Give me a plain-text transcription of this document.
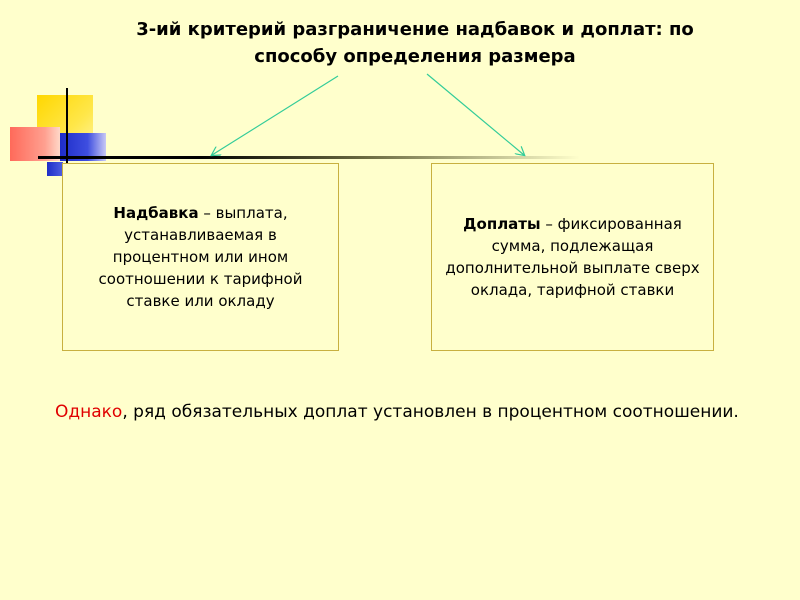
3-ий критерий разграничение надбавок и доплат: по способу определения размера
Надбавка – выплата, устанавливаемая в процентном или ином соотношении к тарифной ставке или окладу
Доплаты – фиксированная сумма, подлежащая дополнительной выплате сверх оклада, тарифной ставки
Однако, ряд обязательных доплат установлен в процентном соотношении.
